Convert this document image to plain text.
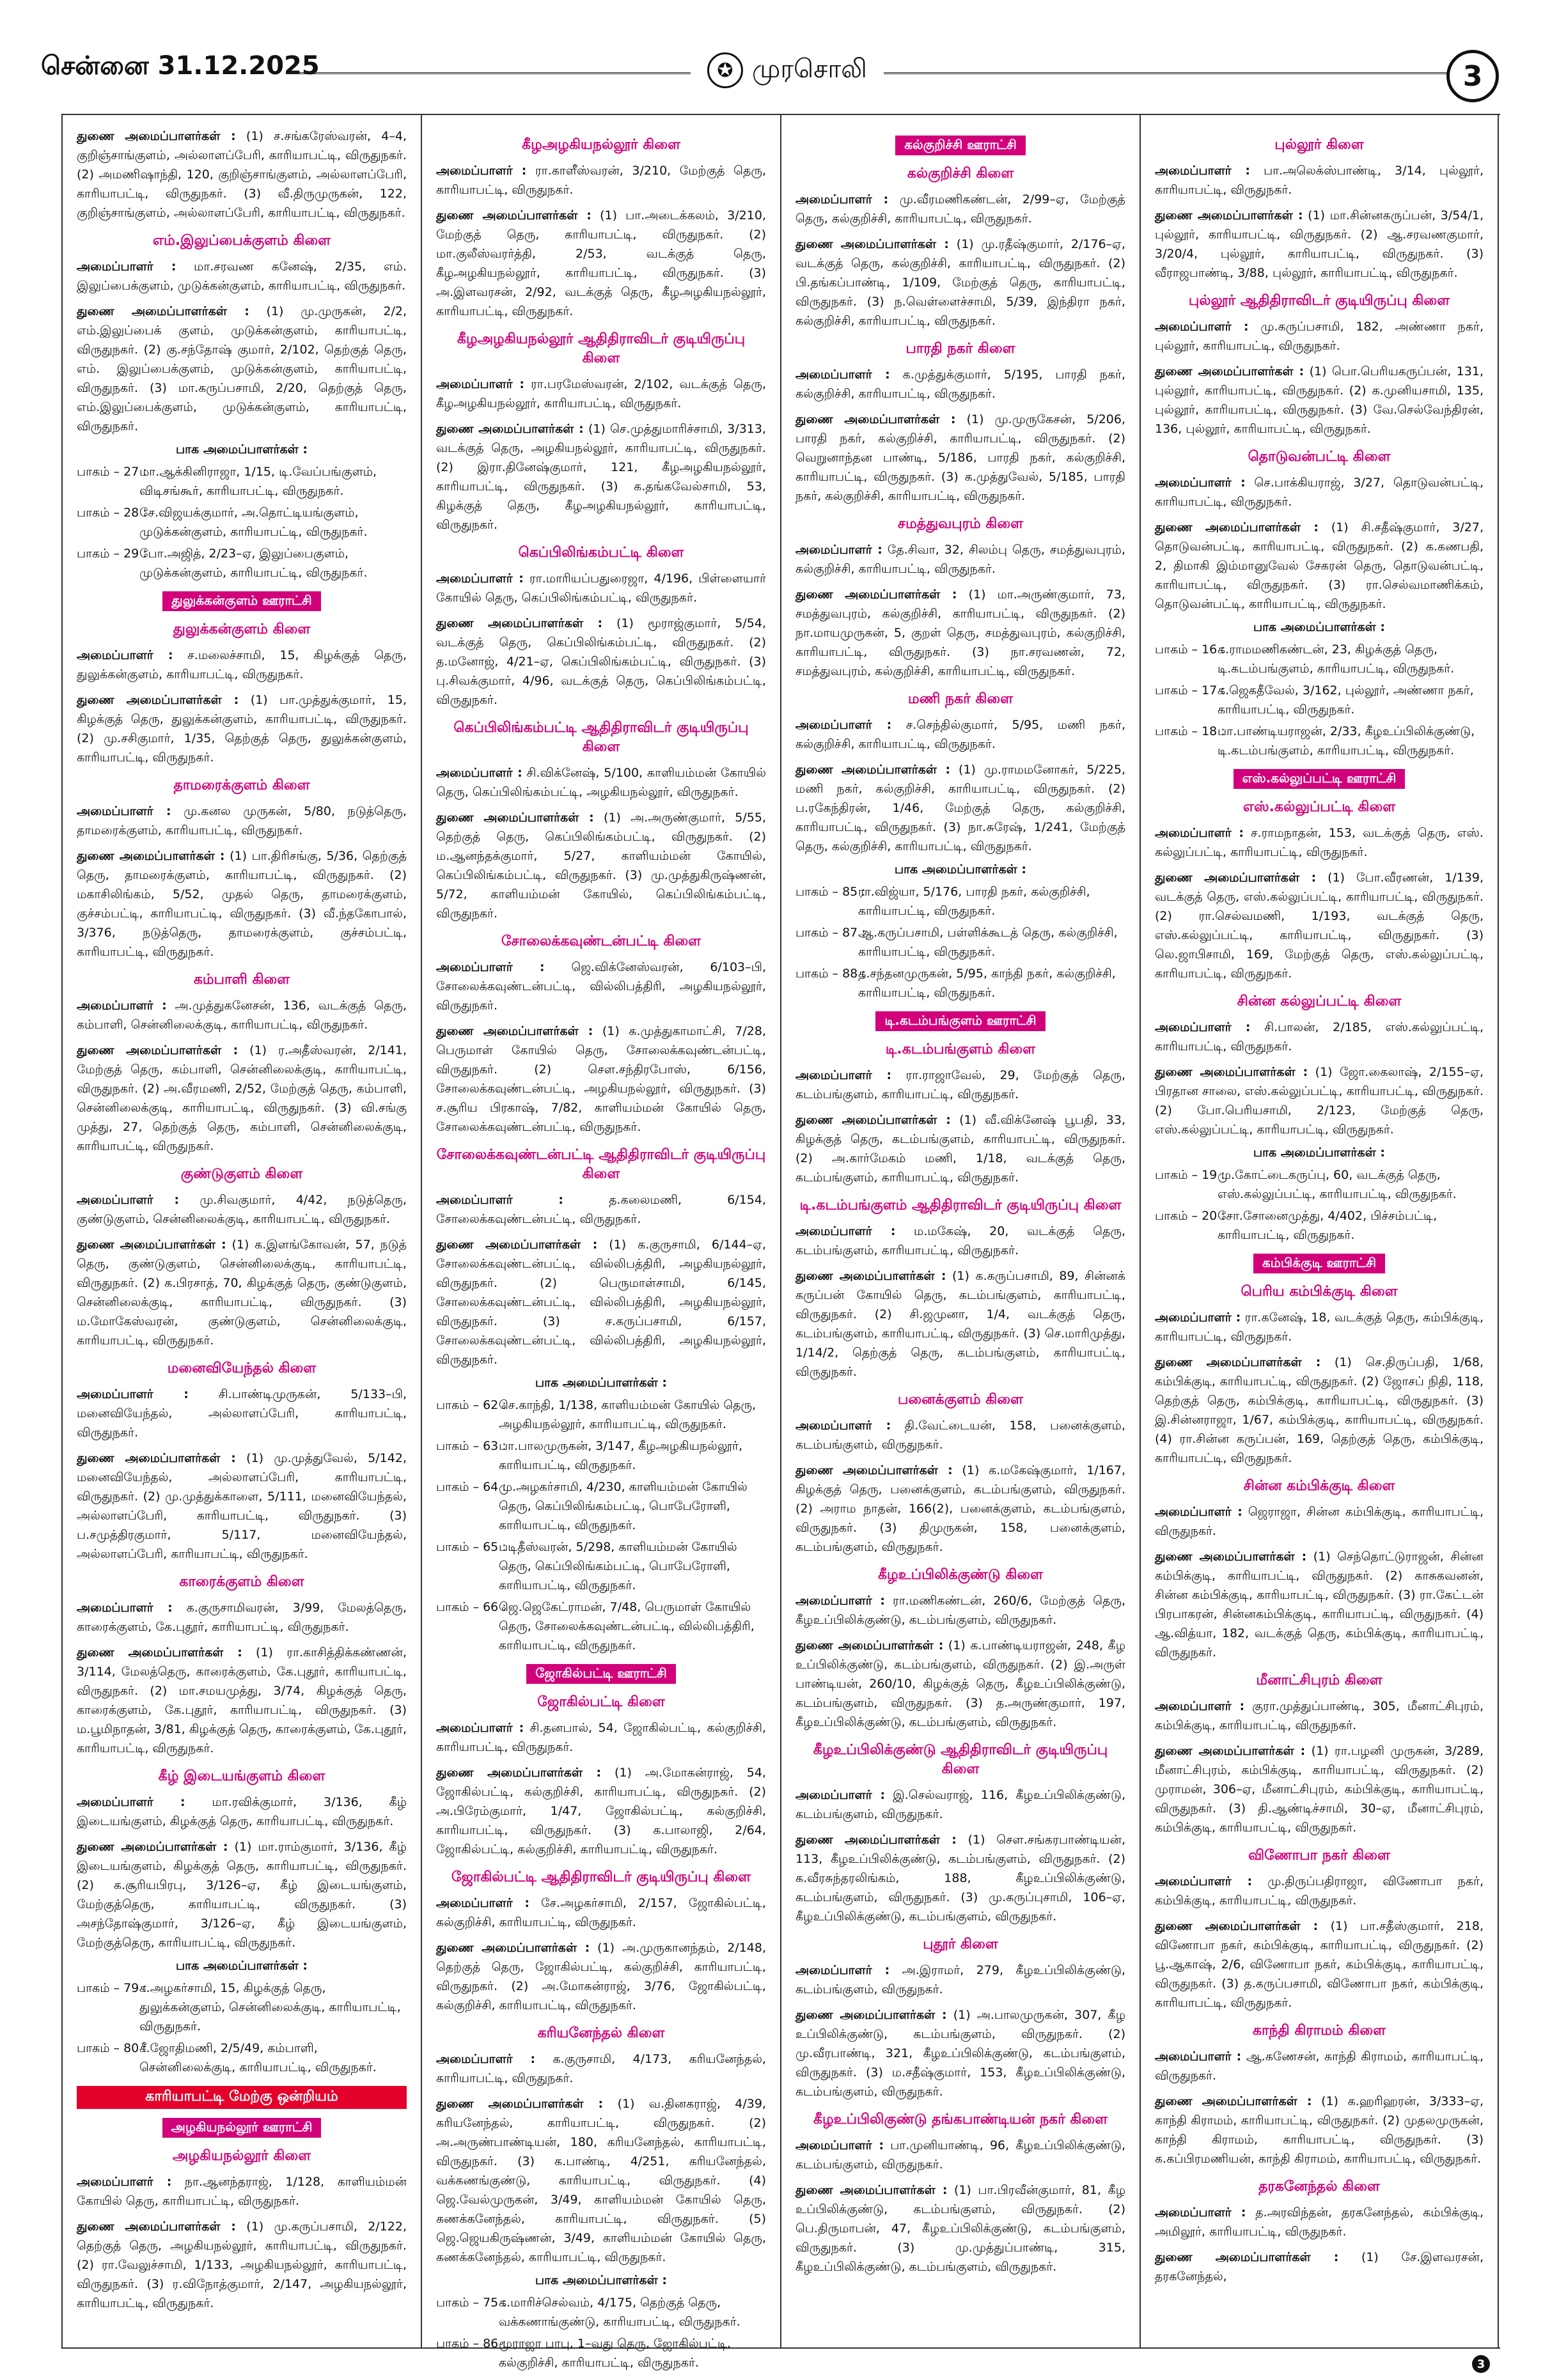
சென்னை 31.12.2025	✪ முரசொலி	3

துணை அமைப்பாளர்கள் : (1) ச.சங்கரேஸ்வரன், 4–4, குறிஞ்சாங்குளம், அல்லாளப்பேரி, காரியாபட்டி, விருதுநகர். (2) அமணிஷாந்தி, 120, குறிஞ்சாங்குளம், அல்லாளப்பேரி, காரியாபட்டி, விருதுநகர். (3) வீ.திருமுருகன், 122, குறிஞ்சாங்குளம், அல்லாளப்பேரி, காரியாபட்டி, விருதுநகர்.

எம்.இலுப்பைக்குளம் கிளை

அமைப்பாளர் : மா.சரவண கனேஷ், 2/35, எம். இலுப்பைக்குளம், முடுக்கன்குளம், காரியாபட்டி, விருதுநகர்.

துணை அமைப்பாளர்கள் : (1) மு.முருகன், 2/2, எம்.இலுப்பைக் குளம், முடுக்கன்குளம், காரியாபட்டி, விருதுநகர். (2) கு.சந்தோஷ் குமார், 2/102, தெற்குத் தெரு, எம். இலுப்பைக்குளம், முடுக்கன்குளம், காரியாபட்டி, விருதுநகர். (3) மா.கருப்பசாமி, 2/20, தெற்குத் தெரு, எம்.இலுப்பைக்குளம், முடுக்கன்குளம், காரியாபட்டி, விருதுநகர்.

பாக அமைப்பாளர்கள் :
பாகம் – 27 :
மா.ஆக்கினிராஜா, 1/15, டி.வேப்பங்குளம், விடிசங்கூர், காரியாபட்டி, விருதுநகர்.
பாகம் – 28 :
சே.விஜயக்குமார், அ.தொட்டியங்குளம், முடுக்கன்குளம், காரியாபட்டி, விருதுநகர்.
பாகம் – 29 :
போ.அஜித், 2/23–ஏ, இலுப்பைகுளம், முடுக்கன்குளம், காரியாபட்டி, விருதுநகர்.
துலுக்கன்குளம் ஊராட்சி
துலுக்கன்குளம் கிளை

அமைப்பாளர் : ச.மலைச்சாமி, 15, கிழக்குத் தெரு, துலுக்கன்குளம், காரியாபட்டி, விருதுநகர்.

துணை அமைப்பாளர்கள் : (1) பா.முத்துக்குமார், 15, கிழக்குத் தெரு, துலுக்கன்குளம், காரியாபட்டி, விருதுநகர். (2) மு.சசிகுமார், 1/35, தெற்குத் தெரு, துலுக்கன்குளம், காரியாபட்டி, விருதுநகர்.

தாமரைக்குளம் கிளை

அமைப்பாளர் : மு.கனல முருகன், 5/80, நடுத்தெரு, தாமரைக்குளம், காரியாபட்டி, விருதுநகர்.

துணை அமைப்பாளர்கள் : (1) பா.திரிசங்கு, 5/36, தெற்குத் தெரு, தாமரைக்குளம், காரியாபட்டி, விருதுநகர். (2) மகாசிலிங்கம், 5/52, முதல் தெரு, தாமரைக்குளம், குச்சம்பட்டி, காரியாபட்டி, விருதுநகர். (3) வீ.ந்தகோபால், 3/376, நடுத்தெரு, தாமரைக்குளம், குச்சம்பட்டி, காரியாபட்டி, விருதுநகர்.

கம்பாளி கிளை

அமைப்பாளர் : அ.முத்துகனேசன், 136, வடக்குத் தெரு, கம்பாளி, சென்னிலைக்குடி, காரியாபட்டி, விருதுநகர்.

துணை அமைப்பாளர்கள் : (1) ர.அதீஸ்வரன், 2/141, மேற்குத் தெரு, கம்பாளி, சென்னிலைக்குடி, காரியாபட்டி, விருதுநகர். (2) அ.வீரமணி, 2/52, மேற்குத் தெரு, கம்பாளி, சென்னிலைக்குடி, காரியாபட்டி, விருதுநகர். (3) வி.சங்கு முத்து, 27, தெற்குத் தெரு, கம்பாளி, சென்னிலைக்குடி, காரியாபட்டி, விருதுநகர்.

குண்டுகுளம் கிளை

அமைப்பாளர் : மு.சிவகுமார், 4/42, நடுத்தெரு, குண்டுகுளம், சென்னிலைக்குடி, காரியாபட்டி, விருதுநகர்.

துணை அமைப்பாளர்கள் : (1) க.இளங்கோவன், 57, நடுத் தெரு, குண்டுகுளம், சென்னிலைக்குடி, காரியாபட்டி, விருதுநகர். (2) க.பிரசாத், 70, கிழக்குத் தெரு, குண்டுகுளம், சென்னிலைக்குடி, காரியாபட்டி, விருதுநகர். (3) ம.மோகேஸ்வரன், குண்டுகுளம், சென்னிலைக்குடி, காரியாபட்டி, விருதுநகர்.

மனைவியேந்தல் கிளை

அமைப்பாளர் : சி.பாண்டிமுருகன், 5/133–பி, மனைவியேந்தல், அல்லாளப்பேரி, காரியாபட்டி, விருதுநகர்.

துணை அமைப்பாளர்கள் : (1) மு.முத்துவேல், 5/142, மனைவியேந்தல், அல்லாளப்பேரி, காரியாபட்டி, விருதுநகர். (2) மு.முத்துக்காளை, 5/111, மனைவியேந்தல், அல்லாளப்பேரி, காரியாபட்டி, விருதுநகர். (3) ப.சமுத்திரகுமார், 5/117, மனைவியேந்தல், அல்லாளப்பேரி, காரியாபட்டி, விருதுநகர்.

காரைக்குளம் கிளை

அமைப்பாளர் : க.குருசாமிவரன், 3/99, மேலத்தெரு, காரைக்குளம், கே.புதூர், காரியாபட்டி, விருதுநகர்.

துணை அமைப்பாளர்கள் : (1) ரா.காசித்திக்கண்ணன், 3/114, மேலத்தெரு, காரைக்குளம், கே.புதூர், காரியாபட்டி, விருதுநகர். (2) மா.சமயமுத்து, 3/74, கிழக்குத் தெரு, காரைக்குளம், கே.புதூர், காரியாபட்டி, விருதுநகர். (3) ம.பூமிநாதன், 3/81, கிழக்குத் தெரு, காரைக்குளம், கே.புதூர், காரியாபட்டி, விருதுநகர்.

கீழ் இடையங்குளம் கிளை

அமைப்பாளர் : மா.ரவிக்குமார், 3/136, கீழ் இடையங்குளம், கிழக்குத் தெரு, காரியாபட்டி, விருதுநகர்.

துணை அமைப்பாளர்கள் : (1) மா.ராம்குமார், 3/136, கீழ் இடையங்குளம், கிழக்குத் தெரு, காரியாபட்டி, விருதுநகர். (2) க.சூரியபிரபு, 3/126–ஏ, கீழ் இடையங்குளம், மேற்குத்தெரு, காரியாபட்டி, விருதுநகர். (3) அசந்தோஷ்குமார், 3/126–ஏ, கீழ் இடையங்குளம், மேற்குத்தெரு, காரியாபட்டி, விருதுநகர்.

பாக அமைப்பாளர்கள் :
பாகம் – 79 :
ச.அழகர்சாமி, 15, கிழக்குத் தெரு, துலுக்கன்குளம், சென்னிலைக்குடி, காரியாபட்டி, விருதுநகர்.
பாகம் – 80 :
சீ.ஜோதிமணி, 2/5/49, கம்பாளி, சென்னிலைக்குடி, காரியாபட்டி, விருதுநகர்.
காரியாபட்டி மேற்கு ஒன்றியம்
அழகியநல்லூர் ஊராட்சி
அழகியநல்லூர் கிளை

அமைப்பாளர் : நா.ஆனந்தராஜ், 1/128, காளியம்மன் கோயில் தெரு, காரியாபட்டி, விருதுநகர்.

துணை அமைப்பாளர்கள் : (1) மு.கருப்பசாமி, 2/122, தெற்குத் தெரு, அழகியநல்லூர், காரியாபட்டி, விருதுநகர். (2) ரா.வேலுச்சாமி, 1/133, அழகியநல்லூர், காரியாபட்டி, விருதுநகர். (3) ர.விநோத்குமார், 2/147, அழகியநல்லூர், காரியாபட்டி, விருதுநகர்.

கீழஅழகியநல்லூர் கிளை

அமைப்பாளர் : ரா.காளீஸ்வரன், 3/210, மேற்குத் தெரு, காரியாபட்டி, விருதுநகர்.

துணை அமைப்பாளர்கள் : (1) பா.அடைக்கலம், 3/210, மேற்குத் தெரு, காரியாபட்டி, விருதுநகர். (2) மா.குலீஸ்வரர்த்தி, 2/53, வடக்குத் தெரு, கீழஅழகியநல்லூர், காரியாபட்டி, விருதுநகர். (3) அ.இளவரசன், 2/92, வடக்குத் தெரு, கீழஅழகியநல்லூர், காரியாபட்டி, விருதுநகர்.

கீழஅழகியநல்லூர் ஆதிதிராவிடர் குடியிருப்பு கிளை

அமைப்பாளர் : ரா.பரமேஸ்வரன், 2/102, வடக்குத் தெரு, கீழஅழகியநல்லூர், காரியாபட்டி, விருதுநகர்.

துணை அமைப்பாளர்கள் : (1) செ.முத்துமாரிச்சாமி, 3/313, வடக்குத் தெரு, அழகியநல்லூர், காரியாபட்டி, விருதுநகர். (2) இரா.தினேஷ்குமார், 121, கீழஅழகியநல்லூர், காரியாபட்டி, விருதுநகர். (3) க.தங்கவேல்சாமி, 53, கிழக்குத் தெரு, கீழஅழகியநல்லூர், காரியாபட்டி, விருதுநகர்.

கெப்பிலிங்கம்பட்டி கிளை

அமைப்பாளர் : ரா.மாரியப்பதுரைஜா, 4/196, பிள்ளையார் கோயில் தெரு, கெப்பிலிங்கம்பட்டி, விருதுநகர்.

துணை அமைப்பாளர்கள் : (1) மூராஜ்குமார், 5/54, வடக்குத் தெரு, கெப்பிலிங்கம்பட்டி, விருதுநகர். (2) த.மனோஜ், 4/21–ஏ, கெப்பிலிங்கம்பட்டி, விருதுநகர். (3) பு.சிவக்குமார், 4/96, வடக்குத் தெரு, கெப்பிலிங்கம்பட்டி, விருதுநகர்.

கெப்பிலிங்கம்பட்டி ஆதிதிராவிடர் குடியிருப்பு கிளை

அமைப்பாளர் : சி.விக்னேஷ், 5/100, காளியம்மன் கோயில் தெரு, கெப்பிலிங்கம்பட்டி, அழகியநல்லூர், விருதுநகர்.

துணை அமைப்பாளர்கள் : (1) அ.அருண்குமார், 5/55, தெற்குத் தெரு, கெப்பிலிங்கம்பட்டி, விருதுநகர். (2) ம.ஆனந்தக்குமார், 5/27, காளியம்மன் கோயில், கெப்பிலிங்கம்பட்டி, விருதுநகர். (3) மு.முத்துகிருஷ்ணன், 5/72, காளியம்மன் கோயில், கெப்பிலிங்கம்பட்டி, விருதுநகர்.

சோலைக்கவுண்டன்பட்டி கிளை

அமைப்பாளர் : ஜெ.விக்னேஸ்வரன், 6/103–பி, சோலைக்கவுண்டன்பட்டி, வில்லிபத்திரி, அழகியநல்லூர், விருதுநகர்.

துணை அமைப்பாளர்கள் : (1) க.முத்துகாமாட்சி, 7/28, பெருமாள் கோயில் தெரு, சோலைக்கவுண்டன்பட்டி, விருதுநகர். (2) செள.சந்திரபோஸ், 6/156, சோலைக்கவுண்டன்பட்டி, அழகியநல்லூர், விருதுநகர். (3) ச.சூரிய பிரகாஷ், 7/82, காளியம்மன் கோயில் தெரு, சோலைக்கவுண்டன்பட்டி, விருதுநகர்.

சோலைக்கவுண்டன்பட்டி ஆதிதிராவிடர் குடியிருப்பு கிளை

அமைப்பாளர் : த.கலைமணி, 6/154, சோலைக்கவுண்டன்பட்டி, விருதுநகர்.

துணை அமைப்பாளர்கள் : (1) க.குருசாமி, 6/144–ஏ, சோலைக்கவுண்டன்பட்டி, வில்லிபத்திரி, அழகியநல்லூர், விருதுநகர். (2) பெருமாள்சாமி, 6/145, சோலைக்கவுண்டன்பட்டி, வில்லிபத்திரி, அழகியநல்லூர், விருதுநகர். (3) ச.கருப்பசாமி, 6/157, சோலைக்கவுண்டன்பட்டி, வில்லிபத்திரி, அழகியநல்லூர், விருதுநகர்.

பாக அமைப்பாளர்கள் :
பாகம் – 62 :
செ.காந்தி, 1/138, காளியம்மன் கோயில் தெரு, அழகியநல்லூர், காரியாபட்டி, விருதுநகர்.
பாகம் – 63 :
பா.பாலமுருகன், 3/147, கீழஅழகியநல்லூர், காரியாபட்டி, விருதுநகர்.
பாகம் – 64 :
மு.அழகர்சாமி, 4/230, காளியம்மன் கோயில் தெரு, கெப்பிலிங்கம்பட்டி, பொபேரோளி, காரியாபட்டி, விருதுநகர்.
பாகம் – 65 :
படிதீஸ்வரன், 5/298, காளியம்மன் கோயில் தெரு, கெப்பிலிங்கம்பட்டி, பொபேரோளி, காரியாபட்டி, விருதுநகர்.
பாகம் – 66 :
ஜெ.ஜெகேட்ராமன், 7/48, பெருமாள் கோயில் தெரு, சோலைக்கவுண்டன்பட்டி, வில்லிபத்திரி, காரியாபட்டி, விருதுநகர்.
ஜோகில்பட்டி ஊராட்சி
ஜோகில்பட்டி கிளை

அமைப்பாளர் : சி.தனபால், 54, ஜோகில்பட்டி, கல்குறிச்சி, காரியாபட்டி, விருதுநகர்.

துணை அமைப்பாளர்கள் : (1) அ.மோகன்ராஜ், 54, ஜோகில்பட்டி, கல்குறிச்சி, காரியாபட்டி, விருதுநகர். (2) அ.பிரேம்குமார், 1/47, ஜோகில்பட்டி, கல்குறிச்சி, காரியாபட்டி, விருதுநகர். (3) க.பாலாஜி, 2/64, ஜோகில்பட்டி, கல்குறிச்சி, காரியாபட்டி, விருதுநகர்.

ஜோகில்பட்டி ஆதிதிராவிடர் குடியிருப்பு கிளை

அமைப்பாளர் : சே.அழகர்சாமி, 2/157, ஜோகில்பட்டி, கல்குறிச்சி, காரியாபட்டி, விருதுநகர்.

துணை அமைப்பாளர்கள் : (1) அ.முருகானந்தம், 2/148, தெற்குத் தெரு, ஜோகில்பட்டி, கல்குறிச்சி, காரியாபட்டி, விருதுநகர். (2) அ.மோகன்ராஜ், 3/76, ஜோகில்பட்டி, கல்குறிச்சி, காரியாபட்டி, விருதுநகர்.

கரியனேந்தல் கிளை

அமைப்பாளர் : க.குருசாமி, 4/173, கரியனேந்தல், காரியாபட்டி, விருதுநகர்.

துணை அமைப்பாளர்கள் : (1) வ.தினகராஜ், 4/39, கரியனேந்தல், காரியாபட்டி, விருதுநகர். (2) அ.அருண்பாண்டியன், 180, கரியனேந்தல், காரியாபட்டி, விருதுநகர். (3) க.பாண்டி, 4/251, கரியனேந்தல், வக்கணங்குண்டு, காரியாபட்டி, விருதுநகர். (4) ஜெ.வேல்முருகன், 3/49, காளியம்மன் கோயில் தெரு, கணக்கனேந்தல், காரியாபட்டி, விருதுநகர். (5) ஜெ.ஜெயகிருஷ்ணன், 3/49, காளியம்மன் கோயில் தெரு, கணக்கனேந்தல், காரியாபட்டி, விருதுநகர்.

பாக அமைப்பாளர்கள் :
பாகம் – 75 :
க.மாரிச்செல்வம், 4/175, தெற்குத் தெரு, வக்கணாங்குண்டு, காரியாபட்டி, விருதுநகர்.
பாகம் – 86 :
மூராஜா பாபு, 1–வது தெரு, ஜோகில்பட்டி, கல்குறிச்சி, காரியாபட்டி, விருதுநகர்.
கல்குறிச்சி ஊராட்சி
கல்குறிச்சி கிளை

அமைப்பாளர் : மு.வீரமணிகண்டன், 2/99–ஏ, மேற்குத் தெரு, கல்குறிச்சி, காரியாபட்டி, விருதுநகர்.

துணை அமைப்பாளர்கள் : (1) மு.ரதீஷ்குமார், 2/176–ஏ, வடக்குத் தெரு, கல்குறிச்சி, காரியாபட்டி, விருதுநகர். (2) பி.தங்கப்பாண்டி, 1/109, மேற்குத் தெரு, காரியாபட்டி, விருதுநகர். (3) ந.வெள்ளைச்சாமி, 5/39, இந்திரா நகர், கல்குறிச்சி, காரியாபட்டி, விருதுநகர்.

பாரதி நகர் கிளை

அமைப்பாளர் : க.முத்துக்குமார், 5/195, பாரதி நகர், கல்குறிச்சி, காரியாபட்டி, விருதுநகர்.

துணை அமைப்பாளர்கள் : (1) மு.முருகேசன், 5/206, பாரதி நகர், கல்குறிச்சி, காரியாபட்டி, விருதுநகர். (2) வெறுனாந்தன பாண்டி, 5/186, பாரதி நகர், கல்குறிச்சி, காரியாபட்டி, விருதுநகர். (3) க.முத்துவேல், 5/185, பாரதி நகர், கல்குறிச்சி, காரியாபட்டி, விருதுநகர்.

சமத்துவபுரம் கிளை

அமைப்பாளர் : தே.சிவா, 32, சிலம்பு தெரு, சமத்துவபுரம், கல்குறிச்சி, காரியாபட்டி, விருதுநகர்.

துணை அமைப்பாளர்கள் : (1) மா.அருண்குமார், 73, சமத்துவபுரம், கல்குறிச்சி, காரியாபட்டி, விருதுநகர். (2) நா.மாயமுருகன், 5, குறள் தெரு, சமத்துவபுரம், கல்குறிச்சி, காரியாபட்டி, விருதுநகர். (3) நா.சரவணன், 72, சமத்துவபுரம், கல்குறிச்சி, காரியாபட்டி, விருதுநகர்.

மணி நகர் கிளை

அமைப்பாளர் : ச.செந்தில்குமார், 5/95, மணி நகர், கல்குறிச்சி, காரியாபட்டி, விருதுநகர்.

துணை அமைப்பாளர்கள் : (1) மு.ராமமனோகர், 5/225, மணி நகர், கல்குறிச்சி, காரியாபட்டி, விருதுநகர். (2) ப.ரகேந்திரன், 1/46, மேற்குத் தெரு, கல்குறிச்சி, காரியாபட்டி, விருதுநகர். (3) நா.சுரேஷ், 1/241, மேற்குத் தெரு, கல்குறிச்சி, காரியாபட்டி, விருதுநகர்.

பாக அமைப்பாளர்கள் :
பாகம் – 85 :
ரா.விஜ்யா, 5/176, பாரதி நகர், கல்குறிச்சி, காரியாபட்டி, விருதுநகர்.
பாகம் – 87 :
ஆ.கருப்பசாமி, பள்ளிக்கூடத் தெரு, கல்குறிச்சி, காரியாபட்டி, விருதுநகர்.
பாகம் – 88 :
த.சந்தனமுருகன், 5/95, காந்தி நகர், கல்குறிச்சி, காரியாபட்டி, விருதுநகர்.
டி.கடம்பங்குளம் ஊராட்சி
டி.கடம்பங்குளம் கிளை

அமைப்பாளர் : ரா.ராஜாவேல், 29, மேற்குத் தெரு, கடம்பங்குளம், காரியாபட்டி, விருதுநகர்.

துணை அமைப்பாளர்கள் : (1) வீ.விக்னேஷ் பூபதி, 33, கிழக்குத் தெரு, கடம்பங்குளம், காரியாபட்டி, விருதுநகர். (2) அ.கார்மேகம் மணி, 1/18, வடக்குத் தெரு, கடம்பங்குளம், காரியாபட்டி, விருதுநகர்.

டி.கடம்பங்குளம் ஆதிதிராவிடர் குடியிருப்பு கிளை

அமைப்பாளர் : ம.மகேஷ், 20, வடக்குத் தெரு, கடம்பங்குளம், காரியாபட்டி, விருதுநகர்.

துணை அமைப்பாளர்கள் : (1) க.கருப்பசாமி, 89, சின்னக் கருப்பன் கோயில் தெரு, கடம்பங்குளம், காரியாபட்டி, விருதுநகர். (2) சி.ஜமுனா, 1/4, வடக்குத் தெரு, கடம்பங்குளம், காரியாபட்டி, விருதுநகர். (3) செ.மாரிமுத்து, 1/14/2, தெற்குத் தெரு, கடம்பங்குளம், காரியாபட்டி, விருதுநகர்.

பனைக்குளம் கிளை

அமைப்பாளர் : தி.வேட்டையன், 158, பனைக்குளம், கடம்பங்குளம், விருதுநகர்.

துணை அமைப்பாளர்கள் : (1) க.மகேஷ்குமார், 1/167, கிழக்குத் தெரு, பனைக்குளம், கடம்பங்குளம், விருதுநகர். (2) அராம நாதன், 166(2), பனைக்குளம், கடம்பங்குளம், விருதுநகர். (3) திமுருகன், 158, பனைக்குளம், கடம்பங்குளம், விருதுநகர்.

கீழஉப்பிலிக்குண்டு கிளை

அமைப்பாளர் : ரா.மணிகண்டன், 260/6, மேற்குத் தெரு, கீழஉப்பிலிக்குண்டு, கடம்பங்குளம், விருதுநகர்.

துணை அமைப்பாளர்கள் : (1) க.பாண்டியராஜன், 248, கீழ உப்பிலிக்குண்டு, கடம்பங்குளம், விருதுநகர். (2) இ.அருள் பாண்டியன், 260/10, கிழக்குத் தெரு, கீழஉப்பிலிக்குண்டு, கடம்பங்குளம், விருதுநகர். (3) த.அருண்குமார், 197, கீழஉப்பிலிக்குண்டு, கடம்பங்குளம், விருதுநகர்.

கீழஉப்பிலிக்குண்டு ஆதிதிராவிடர் குடியிருப்பு கிளை

அமைப்பாளர் : இ.செல்வராஜ், 116, கீழஉப்பிலிக்குண்டு, கடம்பங்குளம், விருதுநகர்.

துணை அமைப்பாளர்கள் : (1) செள.சங்கரபாண்டியன், 113, கீழஉப்பிலிக்குண்டு, கடம்பங்குளம், விருதுநகர். (2) க.வீரசுந்தரலிங்கம், 188, கீழஉப்பிலிக்குண்டு, கடம்பங்குளம், விருதுநகர். (3) மு.கருப்புசாமி, 106–ஏ, கீழஉப்பிலிக்குண்டு, கடம்பங்குளம், விருதுநகர்.

புதூர் கிளை

அமைப்பாளர் : அ.இராமர், 279, கீழஉப்பிலிக்குண்டு, கடம்பங்குளம், விருதுநகர்.

துணை அமைப்பாளர்கள் : (1) அ.பாலமுருகன், 307, கீழ உப்பிலிக்குண்டு, கடம்பங்குளம், விருதுநகர். (2) மு.வீரபாண்டி, 321, கீழஉப்பிலிக்குண்டு, கடம்பங்குளம், விருதுநகர். (3) ம.சதீஷ்குமார், 153, கீழஉப்பிலிக்குண்டு, கடம்பங்குளம், விருதுநகர்.

கீழஉப்பிலிகுண்டு தங்கபாண்டியன் நகர் கிளை

அமைப்பாளர் : பா.முனியாண்டி, 96, கீழஉப்பிலிக்குண்டு, கடம்பங்குளம், விருதுநகர்.

துணை அமைப்பாளர்கள் : (1) பா.பிரவீன்குமார், 81, கீழ உப்பிலிக்குண்டு, கடம்பங்குளம், விருதுநகர். (2) பெ.திருமாபன், 47, கீழஉப்பிலிக்குண்டு, கடம்பங்குளம், விருதுநகர். (3) மு.முத்துப்பாண்டி, 315, கீழஉப்பிலிக்குண்டு, கடம்பங்குளம், விருதுநகர்.

புல்லூர் கிளை

அமைப்பாளர் : பா.அலெக்ஸ்பாண்டி, 3/14, புல்லூர், காரியாபட்டி, விருதுநகர்.

துணை அமைப்பாளர்கள் : (1) மா.சின்னகருப்பன், 3/54/1, புல்லூர், காரியாபட்டி, விருதுநகர். (2) ஆ.சரவணகுமார், 3/20/4, புல்லூர், காரியாபட்டி, விருதுநகர். (3) வீராஜபாண்டி, 3/88, புல்லூர், காரியாபட்டி, விருதுநகர்.

புல்லூர் ஆதிதிராவிடர் குடியிருப்பு கிளை

அமைப்பாளர் : மு.கருப்பசாமி, 182, அண்ணா நகர், புல்லூர், காரியாபட்டி, விருதுநகர்.

துணை அமைப்பாளர்கள் : (1) பொ.பெரியகருப்பன், 131, புல்லூர், காரியாபட்டி, விருதுநகர். (2) க.முனியசாமி, 135, புல்லூர், காரியாபட்டி, விருதுநகர். (3) வே.செல்வேந்திரன், 136, புல்லூர், காரியாபட்டி, விருதுநகர்.

தொடுவன்பட்டி கிளை

அமைப்பாளர் : செ.பாக்கியராஜ், 3/27, தொடுவன்பட்டி, காரியாபட்டி, விருதுநகர்.

துணை அமைப்பாளர்கள் : (1) சி.சதீஷ்குமார், 3/27, தொடுவன்பட்டி, காரியாபட்டி, விருதுநகர். (2) க.கணபதி, 2, திமாகி இம்மானுவேல் சேகரன் தெரு, தொடுவன்பட்டி, காரியாபட்டி, விருதுநகர். (3) ரா.செல்வமாணிக்கம், தொடுவன்பட்டி, காரியாபட்டி, விருதுநகர்.

பாக அமைப்பாளர்கள் :
பாகம் – 16 :
க.ராமமணிகண்டன், 23, கிழக்குத் தெரு, டி.கடம்பங்குளம், காரியாபட்டி, விருதுநகர்.
பாகம் – 17 :
க.ஜெகதீவேல், 3/162, புல்லூர், அண்ணா நகர், காரியாபட்டி, விருதுநகர்.
பாகம் – 18 :
பா.பாண்டியராஜன், 2/33, கீழஉப்பிலிக்குண்டு, டி.கடம்பங்குளம், காரியாபட்டி, விருதுநகர்.
எஸ்.கல்லுப்பட்டி ஊராட்சி
எஸ்.கல்லுப்பட்டி கிளை

அமைப்பாளர் : ச.ராமநாதன், 153, வடக்குத் தெரு, எஸ். கல்லுப்பட்டி, காரியாபட்டி, விருதுநகர்.

துணை அமைப்பாளர்கள் : (1) போ.வீரணன், 1/139, வடக்குத் தெரு, எஸ்.கல்லுப்பட்டி, காரியாபட்டி, விருதுநகர். (2) ரா.செல்வமணி, 1/193, வடக்குத் தெரு, எஸ்.கல்லுப்பட்டி, காரியாபட்டி, விருதுநகர். (3) லெ.ஜாபிசாமி, 169, மேற்குத் தெரு, எஸ்.கல்லுப்பட்டி, காரியாபட்டி, விருதுநகர்.

சின்ன கல்லுப்பட்டி கிளை

அமைப்பாளர் : சி.பாலன், 2/185, எஸ்.கல்லுப்பட்டி, காரியாபட்டி, விருதுநகர்.

துணை அமைப்பாளர்கள் : (1) ஜோ.கைலாஷ், 2/155–ஏ, பிரதான சாலை, எஸ்.கல்லுப்பட்டி, காரியாபட்டி, விருதுநகர். (2) போ.பெரியசாமி, 2/123, மேற்குத் தெரு, எஸ்.கல்லுப்பட்டி, காரியாபட்டி, விருதுநகர்.

பாக அமைப்பாளர்கள் :
பாகம் – 19 :
மு.கோட்டைகருப்பு, 60, வடக்குத் தெரு, எஸ்.கல்லுப்பட்டி, காரியாபட்டி, விருதுநகர்.
பாகம் – 20 :
சோ.சோனைமுத்து, 4/402, பிச்சம்பட்டி, காரியாபட்டி, விருதுநகர்.
கம்பிக்குடி ஊராட்சி
பெரிய கம்பிக்குடி கிளை

அமைப்பாளர் : ரா.கனேஷ், 18, வடக்குத் தெரு, கம்பிக்குடி, காரியாபட்டி, விருதுநகர்.

துணை அமைப்பாளர்கள் : (1) செ.திருப்பதி, 1/68, கம்பிக்குடி, காரியாபட்டி, விருதுநகர். (2) ஜோசப் நிதி, 118, தெற்குத் தெரு, கம்பிக்குடி, காரியாபட்டி, விருதுநகர். (3) இ.சின்னராஜா, 1/67, கம்பிக்குடி, காரியாபட்டி, விருதுநகர். (4) ரா.சின்ன கருப்பன், 169, தெற்குத் தெரு, கம்பிக்குடி, காரியாபட்டி, விருதுநகர்.

சின்ன கம்பிக்குடி கிளை

அமைப்பாளர் : ஜெராஜா, சின்ன கம்பிக்குடி, காரியாபட்டி, விருதுநகர்.

துணை அமைப்பாளர்கள் : (1) செந்தொட்டுராஜன், சின்ன கம்பிக்குடி, காரியாபட்டி, விருதுநகர். (2) காசுகவனன், சின்ன கம்பிக்குடி, காரியாபட்டி, விருதுநகர். (3) ரா.கேட்டன் பிரபாகரன், சின்னகம்பிக்குடி, காரியாபட்டி, விருதுநகர். (4) ஆ.வித்யா, 182, வடக்குத் தெரு, கம்பிக்குடி, காரியாபட்டி, விருதுநகர்.

மீனாட்சிபுரம் கிளை

அமைப்பாளர் : குரா.முத்துப்பாண்டி, 305, மீனாட்சிபுரம், கம்பிக்குடி, காரியாபட்டி, விருதுநகர்.

துணை அமைப்பாளர்கள் : (1) ரா.பழனி முருகன், 3/289, மீனாட்சிபுரம், கம்பிக்குடி, காரியாபட்டி, விருதுநகர். (2) முராமன், 306–ஏ, மீனாட்சிபுரம், கம்பிக்குடி, காரியாபட்டி, விருதுநகர். (3) தி.ஆண்டிச்சாமி, 30–ஏ, மீனாட்சிபுரம், கம்பிக்குடி, காரியாபட்டி, விருதுநகர்.

விணோபா நகர் கிளை

அமைப்பாளர் : மு.திருப்பதிராஜா, விணோபா நகர், கம்பிக்குடி, காரியாபட்டி, விருதுநகர்.

துணை அமைப்பாளர்கள் : (1) பா.சதீஸ்குமார், 218, விணோபா நகர், கம்பிக்குடி, காரியாபட்டி, விருதுநகர். (2) பூ.ஆகாஷ், 2/6, விணோபா நகர், கம்பிக்குடி, காரியாபட்டி, விருதுநகர். (3) த.கருப்பசாமி, விணோபா நகர், கம்பிக்குடி, காரியாபட்டி, விருதுநகர்.

காந்தி கிராமம் கிளை

அமைப்பாளர் : ஆ.கணேசன், காந்தி கிராமம், காரியாபட்டி, விருதுநகர்.

துணை அமைப்பாளர்கள் : (1) க.ஹரிஹரன், 3/333–ஏ, காந்தி கிராமம், காரியாபட்டி, விருதுநகர். (2) முதலமுருகன், காந்தி கிராமம், காரியாபட்டி, விருதுநகர். (3) க.கப்பிரமணியன், காந்தி கிராமம், காரியாபட்டி, விருதுநகர்.

தரகனேந்தல் கிளை

அமைப்பாளர் : த.அரவிந்தன், தரகனேந்தல், கம்பிக்குடி, அமிலூர், காரியாபட்டி, விருதுநகர்.

துணை அமைப்பாளர்கள் : (1) சே.இளவரசன், தரகனேந்தல்,

3
